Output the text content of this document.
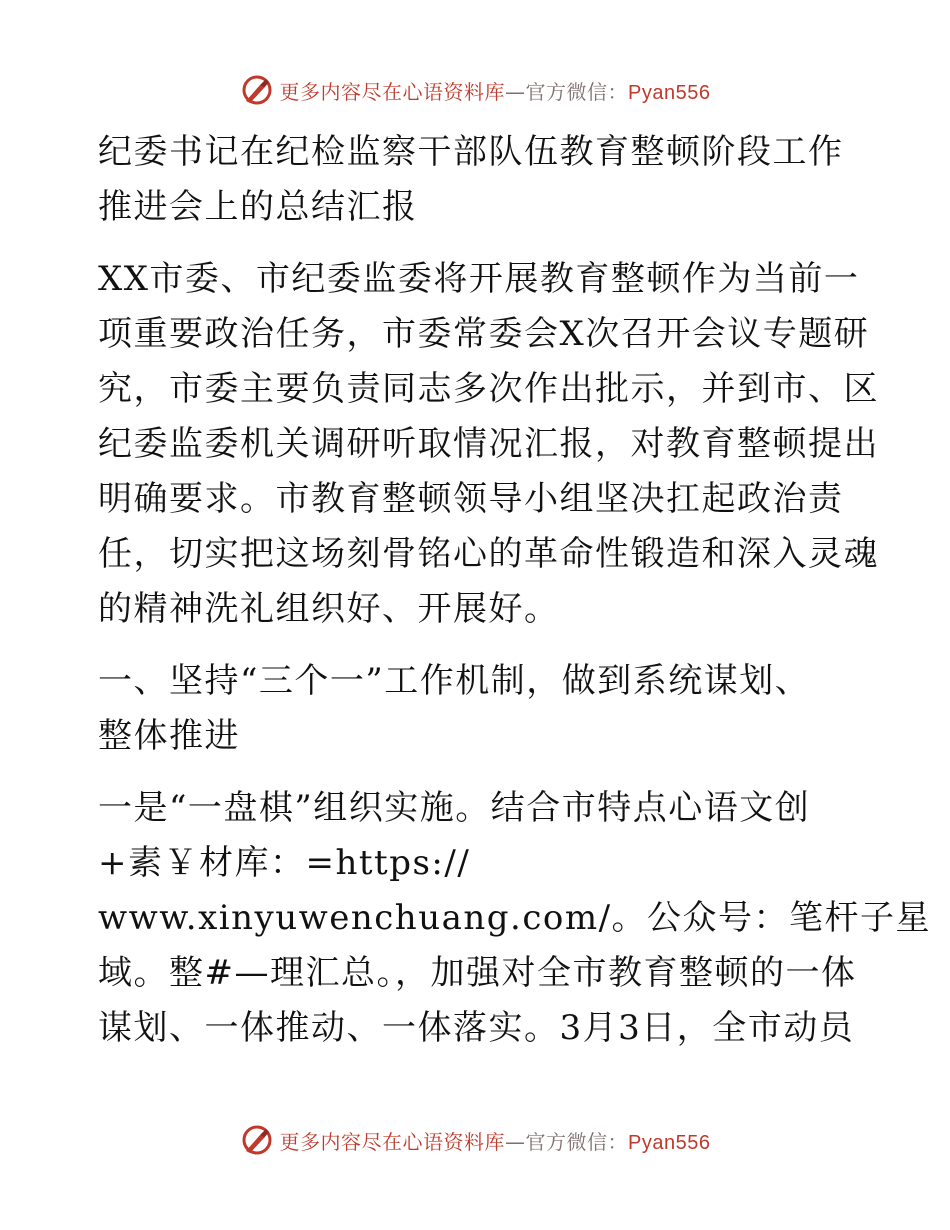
更多内容尽在心语资料库—官方微信：Pyan556
纪委书记在纪检监察干部队伍教育整顿阶段工作
推进会上的总结汇报
XX市委、市纪委监委将开展教育整顿作为当前一
项重要政治任务，市委常委会X次召开会议专题研
究，市委主要负责同志多次作出批示，并到市、区
纪委监委机关调研听取情况汇报，对教育整顿提出
明确要求。市教育整顿领导小组坚决扛起政治责
任，切实把这场刻骨铭心的革命性锻造和深入灵魂
的精神洗礼组织好、开展好。
一、坚持“三个一”工作机制，做到系统谋划、
整体推进
一是“一盘棋”组织实施。结合市特点心语文创
+素￥材库：=https://
www.xinyuwenchuang.com/。公众号：笔杆子星
域。整#—理汇总。，加强对全市教育整顿的一体
谋划、一体推动、一体落实。3月3日，全市动员
更多内容尽在心语资料库—官方微信：Pyan556
